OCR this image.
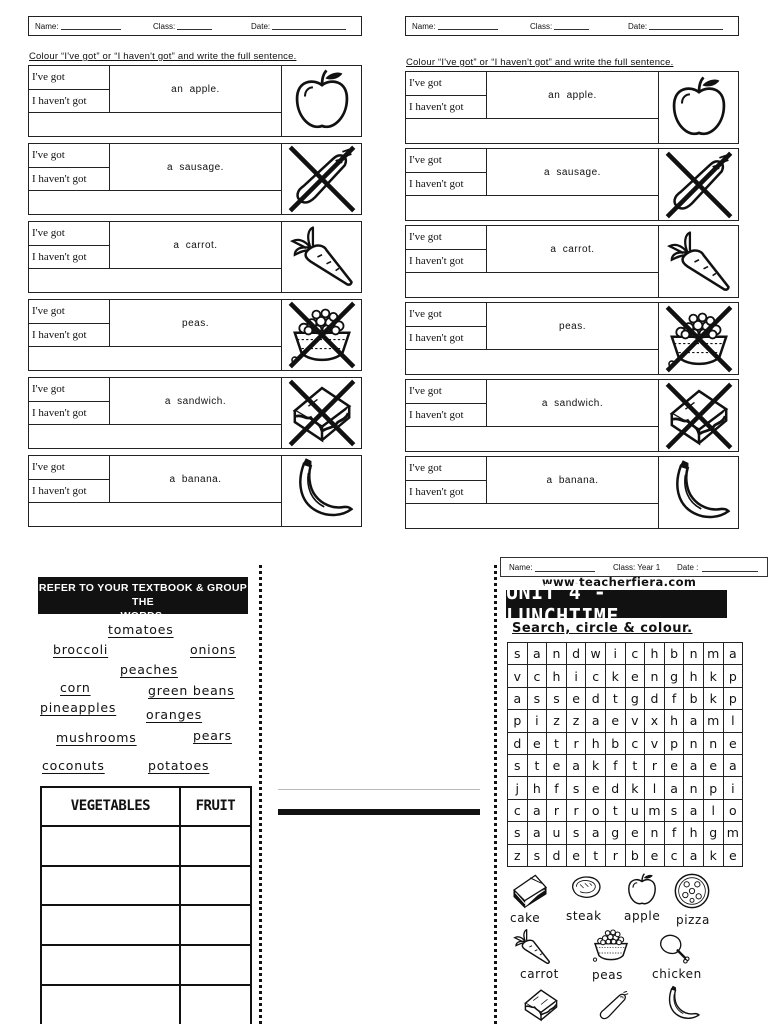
Name:	Class:	Date:
Colour “I've got” or “I haven't got” and write the full sentence.
I've got
I haven't got
an apple.
I've got
I haven't got
a sausage.
I've got
I haven't got
a carrot.
I've got
I haven't got
peas.
I've got
I haven't got
a sandwich.
I've got
I haven't got
a banana.
Name:	Class:	Date:
Colour “I've got” or “I haven't got” and write the full sentence.
I've got
I haven't got
an apple.
I've got
I haven't got
a sausage.
I've got
I haven't got
a carrot.
I've got
I haven't got
peas.
I've got
I haven't got
a sandwich.
I've got
I haven't got
a banana.
REFER TO YOUR TEXTBOOK & GROUP THE
WORDS.
tomatoes
broccoli	onions
peaches
corn	green beans
pineapples oranges
mushrooms	pears
coconuts	potatoes
VEGETABLES	FRUIT

Name:	Class: Year 1	Date :
www.teacherfiera.com
UNIT 4 - LUNCHTIME
Search, circle & colour.
s	a	n	d	w	i	c	h	b	n	m	a
v	c	h	i	c	k	e	n	g	h	k	p
a	s	s	e	d	t	g	d	f	b	k	p
p	i	z	z	a	e	v	x	h	a	m	l
d	e	t	r	h	b	c	v	p	n	n	e
s	t	e	a	k	f	t	r	e	a	e	a
j	h	f	s	e	d	k	l	a	n	p	i
c	a	r	r	o	t	u	m	s	a	l	o
s	a	u	s	a	g	e	n	f	h	g	m
z	s	d	e	t	r	b	e	c	a	k	e
cake steak apple pizza
carrot	peas chicken
